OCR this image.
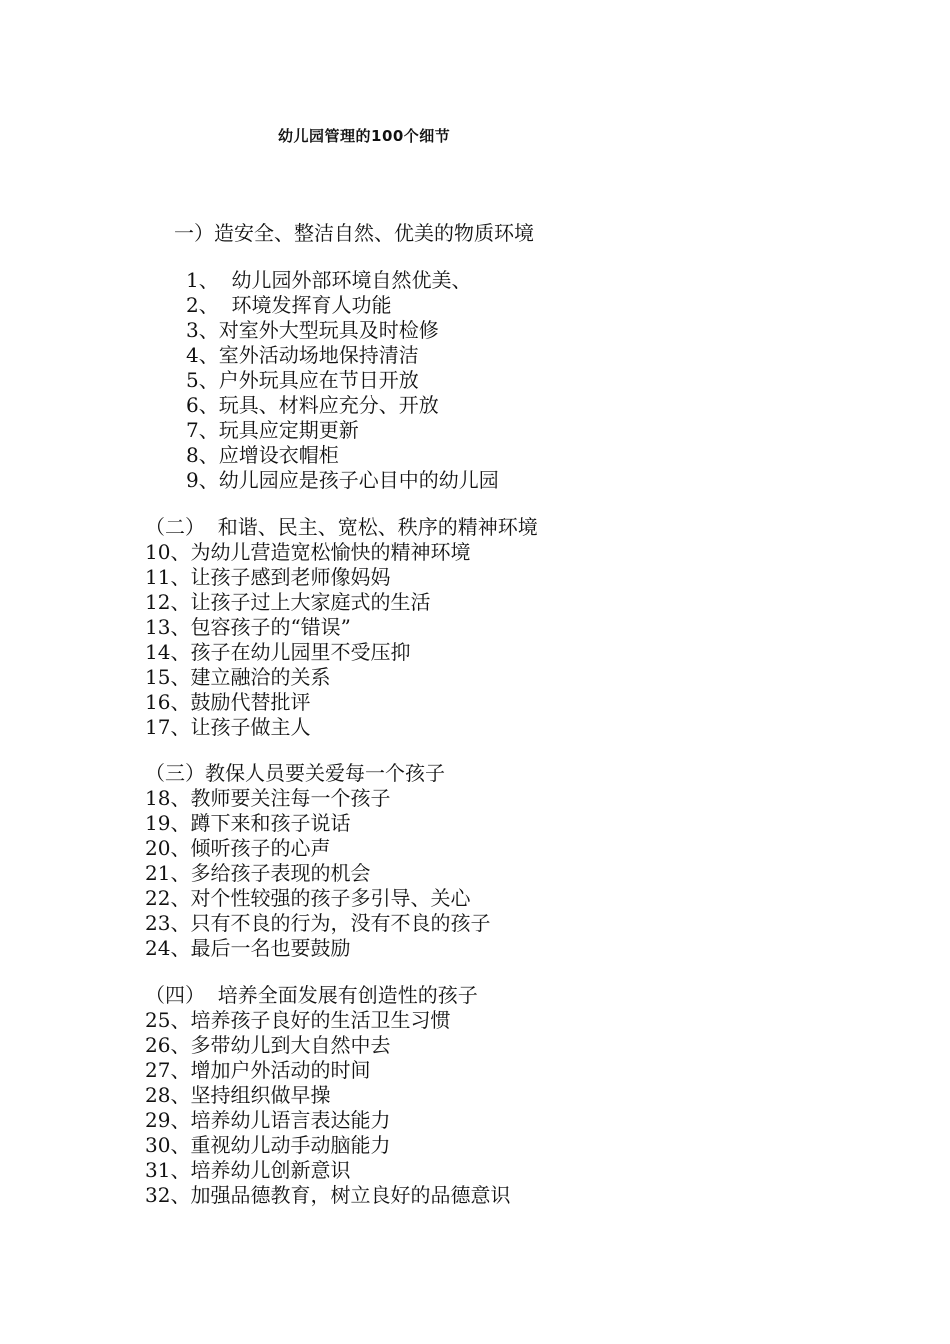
幼儿园管理的100个细节
一）造安全、整洁自然、优美的物质环境
1、  幼儿园外部环境自然优美、
2、  环境发挥育人功能
3、对室外大型玩具及时检修
4、室外活动场地保持清洁
5、户外玩具应在节日开放
6、玩具、材料应充分、开放
7、玩具应定期更新
8、应增设衣帽柜
9、幼儿园应是孩子心目中的幼儿园
（二）  和谐、民主、宽松、秩序的精神环境
10、为幼儿营造宽松愉快的精神环境
11、让孩子感到老师像妈妈
12、让孩子过上大家庭式的生活
13、包容孩子的“错误”
14、孩子在幼儿园里不受压抑
15、建立融洽的关系
16、鼓励代替批评
17、让孩子做主人
（三）教保人员要关爱每一个孩子
18、教师要关注每一个孩子
19、蹲下来和孩子说话
20、倾听孩子的心声
21、多给孩子表现的机会
22、对个性较强的孩子多引导、关心
23、只有不良的行为，没有不良的孩子
24、最后一名也要鼓励
（四）  培养全面发展有创造性的孩子
25、培养孩子良好的生活卫生习惯
26、多带幼儿到大自然中去
27、增加户外活动的时间
28、坚持组织做早操
29、培养幼儿语言表达能力
30、重视幼儿动手动脑能力
31、培养幼儿创新意识
32、加强品德教育，树立良好的品德意识
